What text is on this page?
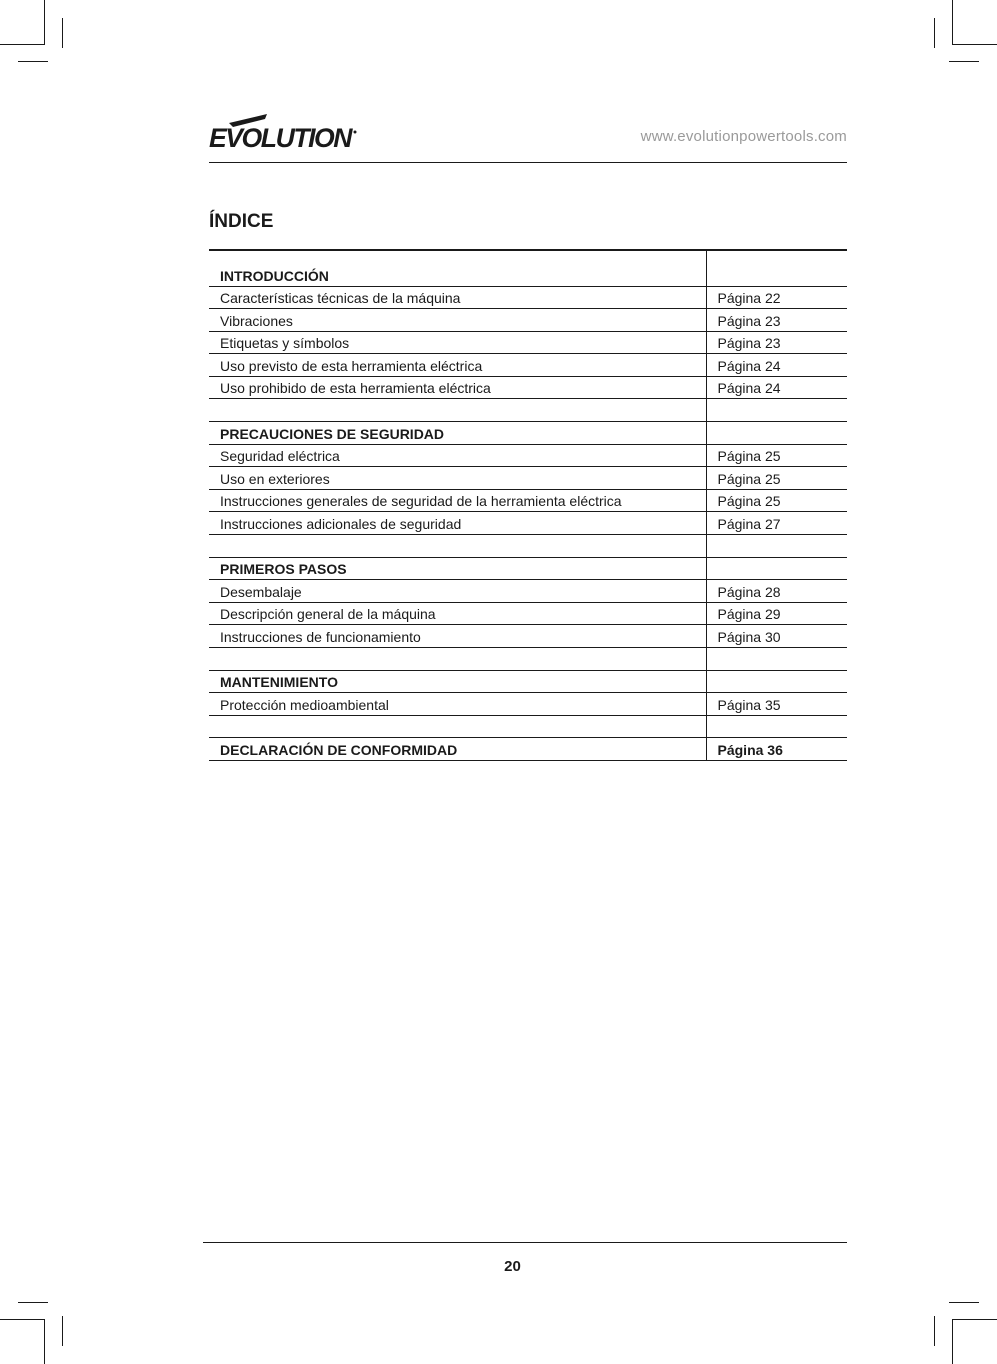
EVOLUTION	www.evolutionpowertools.com
ÍNDICE
INTRODUCCIÓN	
Características técnicas de la máquina	Página 22
Vibraciones	Página 23
Etiquetas y símbolos	Página 23
Uso previsto de esta herramienta eléctrica	Página 24
Uso prohibido de esta herramienta eléctrica	Página 24

PRECAUCIONES DE SEGURIDAD	
Seguridad eléctrica	Página 25
Uso en exteriores	Página 25
Instrucciones generales de seguridad de la herramienta eléctrica	Página 25
Instrucciones adicionales de seguridad	Página 27

PRIMEROS PASOS	
Desembalaje	Página 28
Descripción general de la máquina	Página 29
Instrucciones de funcionamiento	Página 30

MANTENIMIENTO	
Protección medioambiental	Página 35

DECLARACIÓN DE CONFORMIDAD	Página 36
20
